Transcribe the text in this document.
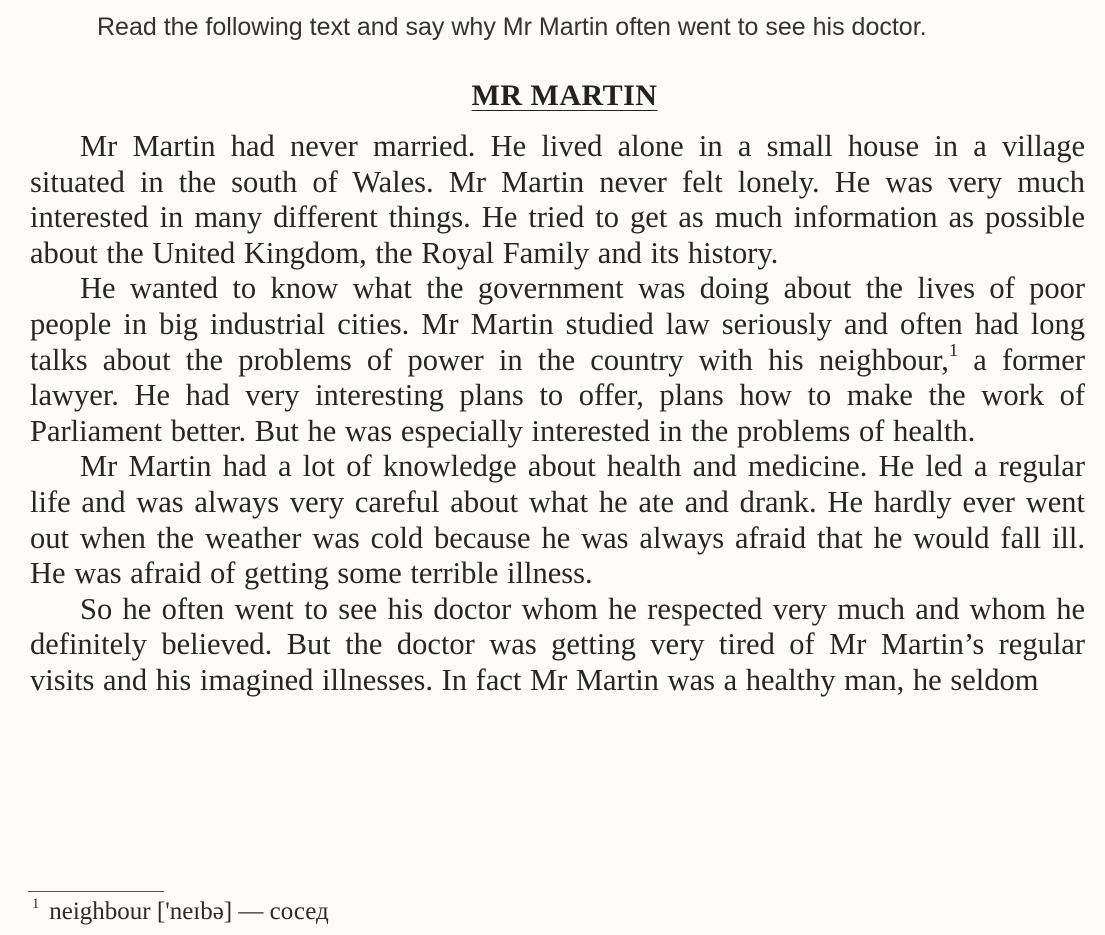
Read the following text and say why Mr Martin often went to see his doctor.

MR MARTIN

Mr Martin had never married. He lived alone in a small house in a village situated in the south of Wales. Mr Martin never felt lonely. He was very much interested in many different things. He tried to get as much information as possible about the United Kingdom, the Royal Family and its history.

He wanted to know what the government was doing about the lives of poor people in big industrial cities. Mr Martin studied law seriously and often had long talks about the problems of power in the country with his neighbour,$^1$ a former lawyer. He had very interesting plans to offer, plans how to make the work of Parliament better. But he was especially interested in the problems of health.

Mr Martin had a lot of knowledge about health and medicine. He led a regular life and was always very careful about what he ate and drank. He hardly ever went out when the weather was cold because he was always afraid that he would fall ill. He was afraid of getting some terrible illness.

So he often went to see his doctor whom he respected very much and whom he definitely believed. But the doctor was getting very tired of Mr Martin’s regular visits and his imagined illnesses. In fact Mr Martin was a healthy man, he seldom

$^1$ neighbour ['neɪbə] — сосед
